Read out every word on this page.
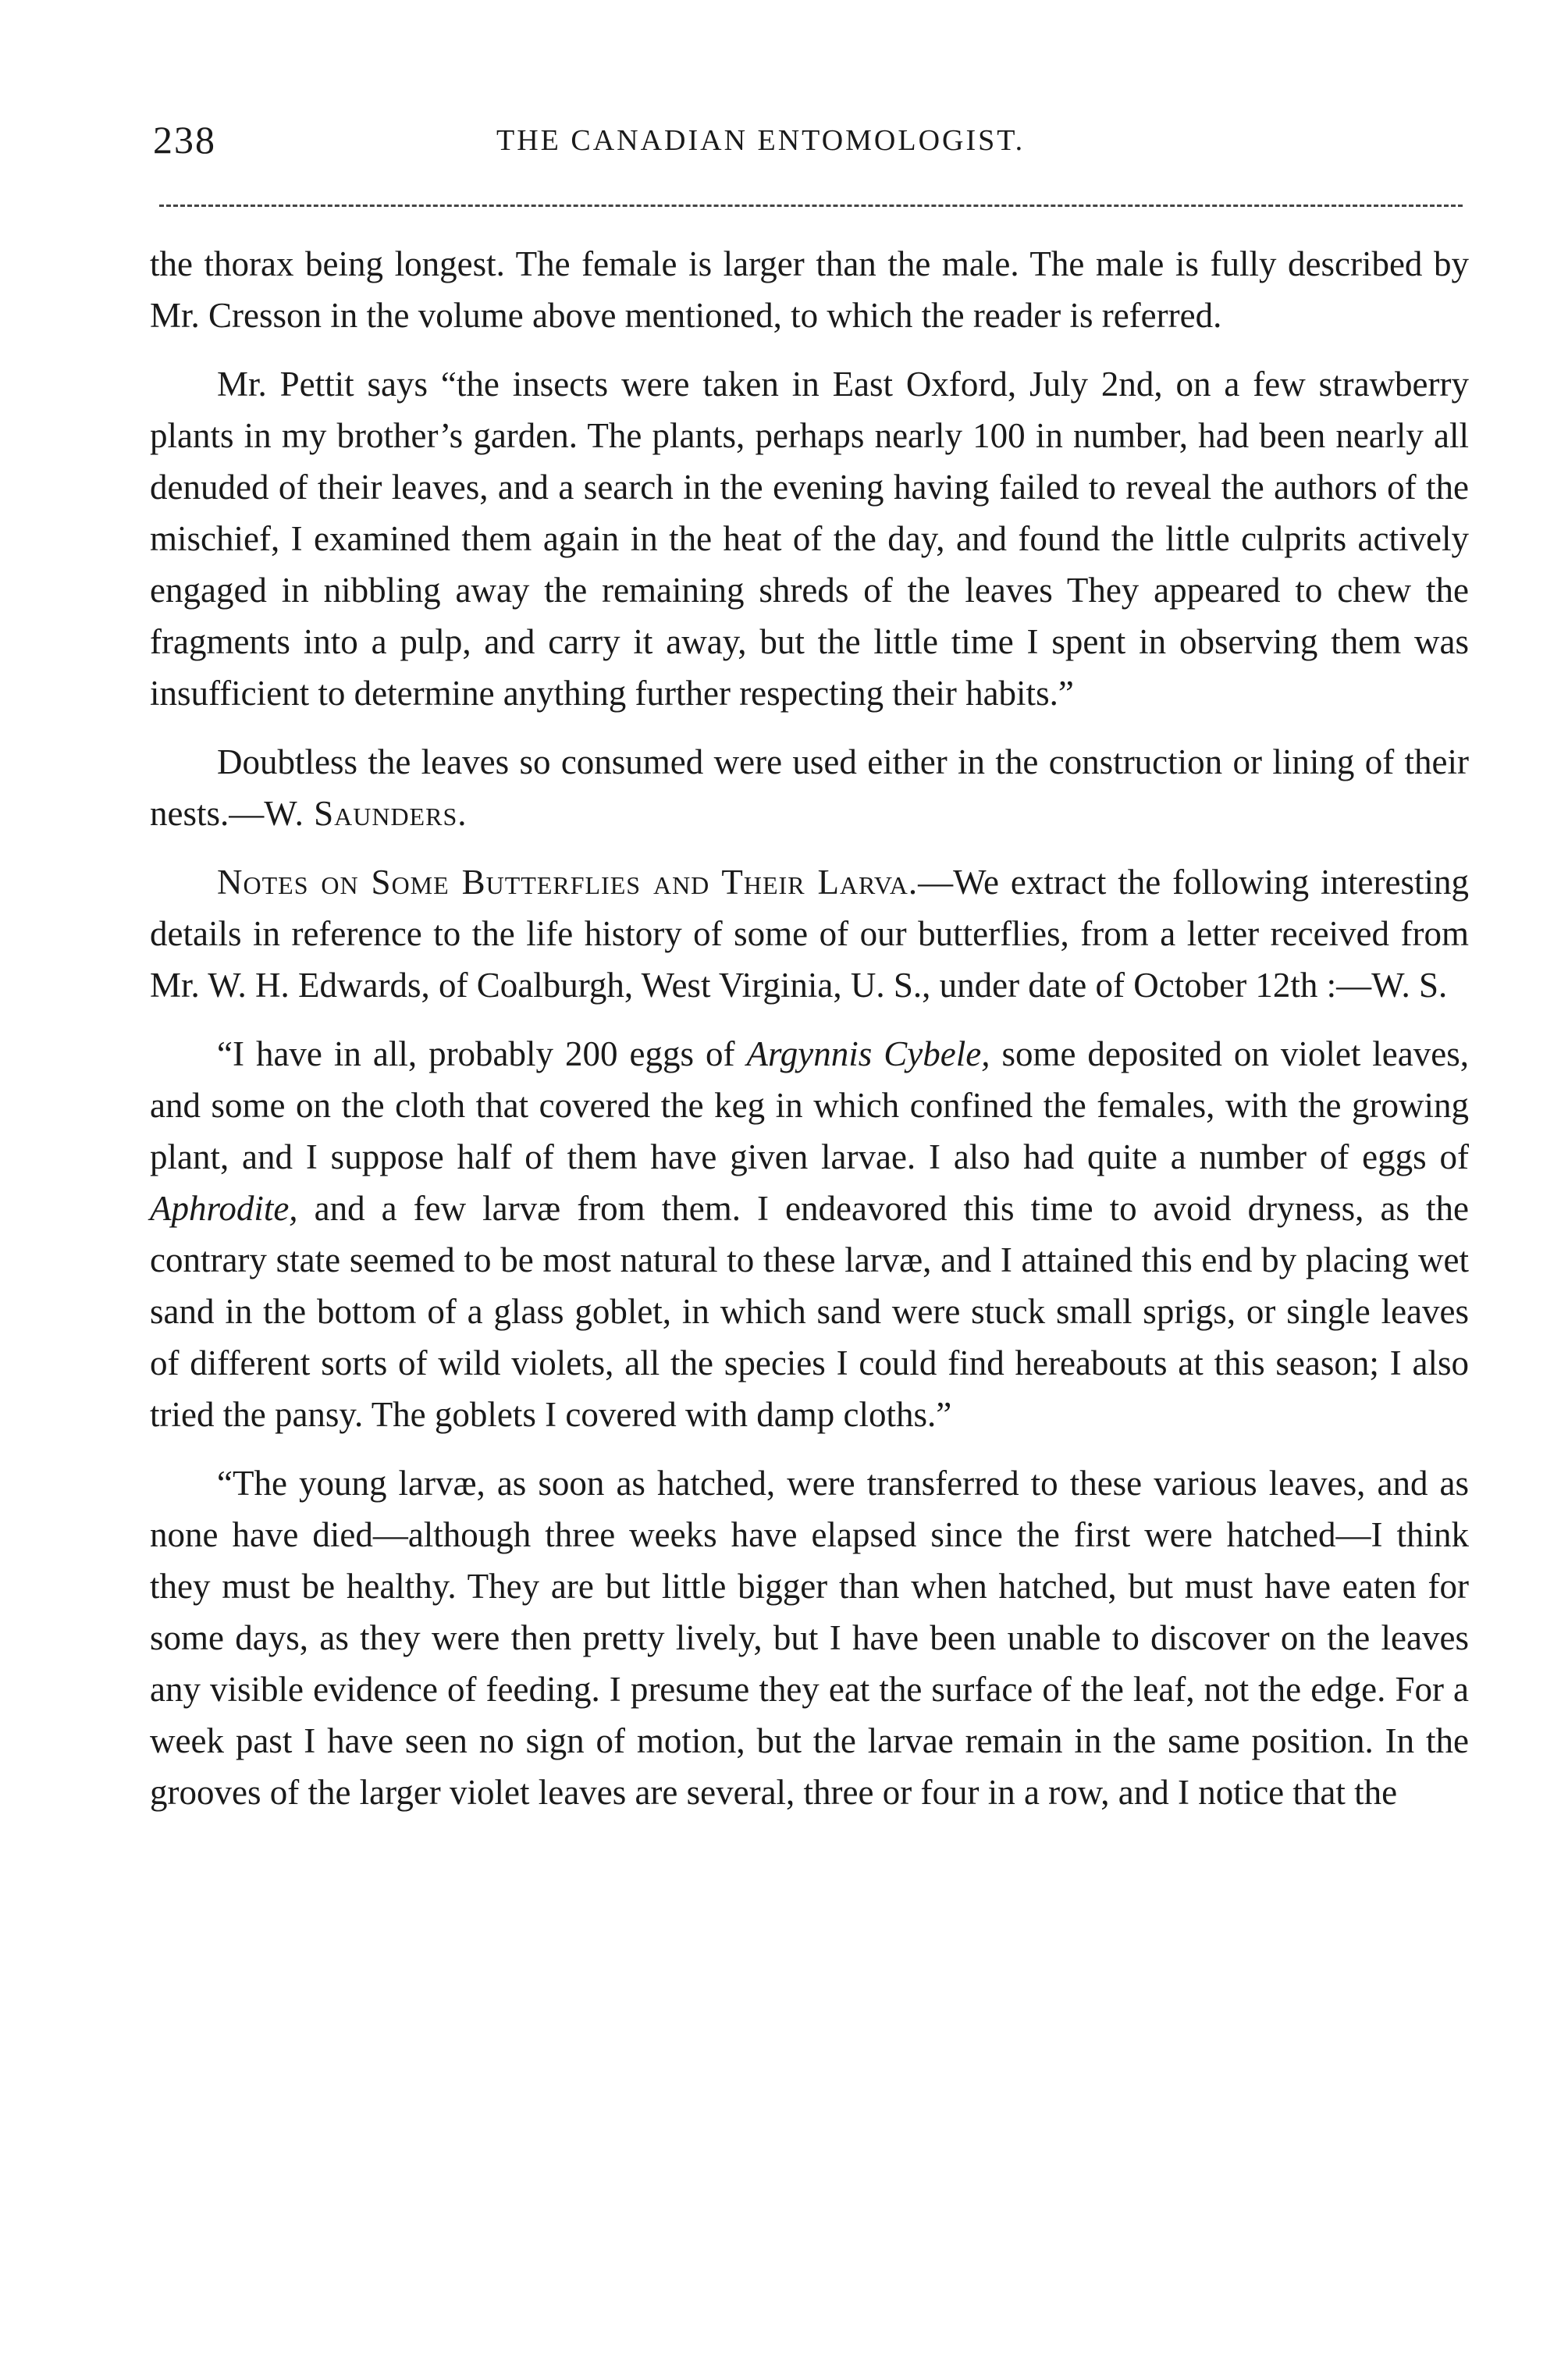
238	THE CANADIAN ENTOMOLOGIST.

the thorax being longest. The female is larger than the male. The male is fully described by Mr. Cresson in the volume above mentioned, to which the reader is referred.

Mr. Pettit says “the insects were taken in East Oxford, July 2nd, on a few strawberry plants in my brother’s garden. The plants, perhaps nearly 100 in number, had been nearly all denuded of their leaves, and a search in the evening having failed to reveal the authors of the mischief, I examined them again in the heat of the day, and found the little culprits actively engaged in nibbling away the remaining shreds of the leaves They appeared to chew the fragments into a pulp, and carry it away, but the little time I spent in observing them was insufficient to determine anything further respecting their habits.”

Doubtless the leaves so consumed were used either in the construction or lining of their nests.—W. Saunders.

Notes on Some Butterflies and Their Larva.—We extract the following interesting details in reference to the life history of some of our butterflies, from a letter received from Mr. W. H. Edwards, of Coalburgh, West Virginia, U. S., under date of October 12th :—W. S.

“I have in all, probably 200 eggs of Argynnis Cybele, some deposited on violet leaves, and some on the cloth that covered the keg in which confined the females, with the growing plant, and I suppose half of them have given larvae. I also had quite a number of eggs of Aphrodite, and a few larvæ from them. I endeavored this time to avoid dryness, as the contrary state seemed to be most natural to these larvæ, and I attained this end by placing wet sand in the bottom of a glass goblet, in which sand were stuck small sprigs, or single leaves of different sorts of wild violets, all the species I could find hereabouts at this season; I also tried the pansy. The goblets I covered with damp cloths.”

“The young larvæ, as soon as hatched, were transferred to these various leaves, and as none have died—although three weeks have elapsed since the first were hatched—I think they must be healthy. They are but little bigger than when hatched, but must have eaten for some days, as they were then pretty lively, but I have been unable to discover on the leaves any visible evidence of feeding. I presume they eat the surface of the leaf, not the edge. For a week past I have seen no sign of motion, but the larvae remain in the same position. In the grooves of the larger violet leaves are several, three or four in a row, and I notice that the
